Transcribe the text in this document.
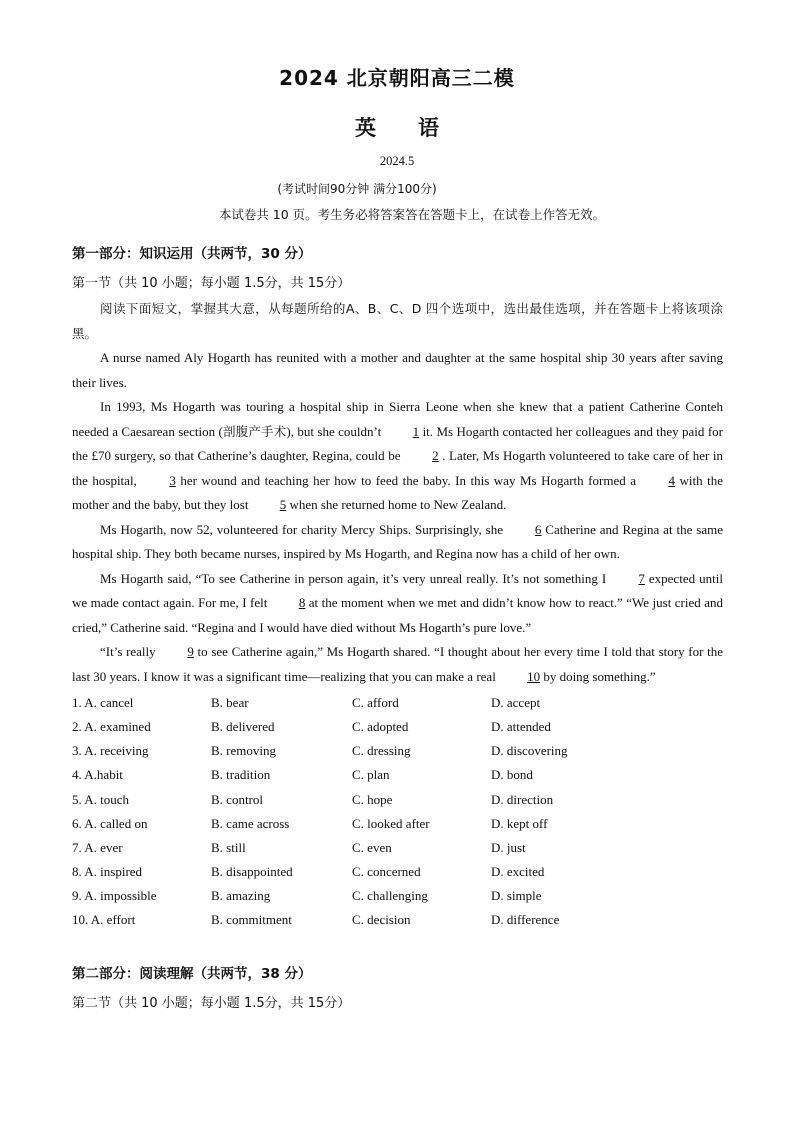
2024 北京朝阳高三二模
英　　语
2024.5
(考试时间90分钟 满分100分)
本试卷共 10 页。考生务必将答案答在答题卡上，在试卷上作答无效。
第一部分：知识运用（共两节，30 分）
第一节（共 10 小题；每小题 1.5分，共 15分）

阅读下面短文，掌握其大意，从每题所给的A、B、C、D 四个选项中，选出最佳选项，并在答题卡上将该项涂黑。

A nurse named Aly Hogarth has reunited with a mother and daughter at the same hospital ship 30 years after saving their lives.

In 1993, Ms Hogarth was touring a hospital ship in Sierra Leone when she knew that a patient Catherine Conteh needed a Caesarean section (剖腹产手术), but she couldn’t 1 it. Ms Hogarth contacted her colleagues and they paid for the £70 surgery, so that Catherine’s daughter, Regina, could be 2 . Later, Ms Hogarth volunteered to take care of her in the hospital, 3 her wound and teaching her how to feed the baby. In this way Ms Hogarth formed a 4 with the mother and the baby, but they lost 5 when she returned home to New Zealand.

Ms Hogarth, now 52, volunteered for charity Mercy Ships. Surprisingly, she 6 Catherine and Regina at the same hospital ship. They both became nurses, inspired by Ms Hogarth, and Regina now has a child of her own.

Ms Hogarth said, “To see Catherine in person again, it’s very unreal really. It’s not something I 7 expected until we made contact again. For me, I felt 8 at the moment when we met and didn’t know how to react.” “We just cried and cried,” Catherine said. “Regina and I would have died without Ms Hogarth’s pure love.”

“It’s really 9 to see Catherine again,” Ms Hogarth shared. “I thought about her every time I told that story for the last 30 years. I know it was a significant time—realizing that you can make a real 10 by doing something.”

1. A. cancel	B. bear	C. afford	D. accept
2. A. examined	B. delivered	C. adopted	D. attended
3. A. receiving	B. removing	C. dressing	D. discovering
4. A.habit	B. tradition	C. plan	D. bond
5. A. touch	B. control	C. hope	D. direction
6. A. called on	B. came across	C. looked after	D. kept off
7. A. ever	B. still	C. even	D. just
8. A. inspired	B. disappointed	C. concerned	D. excited
9. A. impossible	B. amazing	C. challenging	D. simple
10. A. effort	B. commitment	C. decision	D. difference
第二部分：阅读理解（共两节，38 分）
第二节（共 10 小题；每小题 1.5分，共 15分）
